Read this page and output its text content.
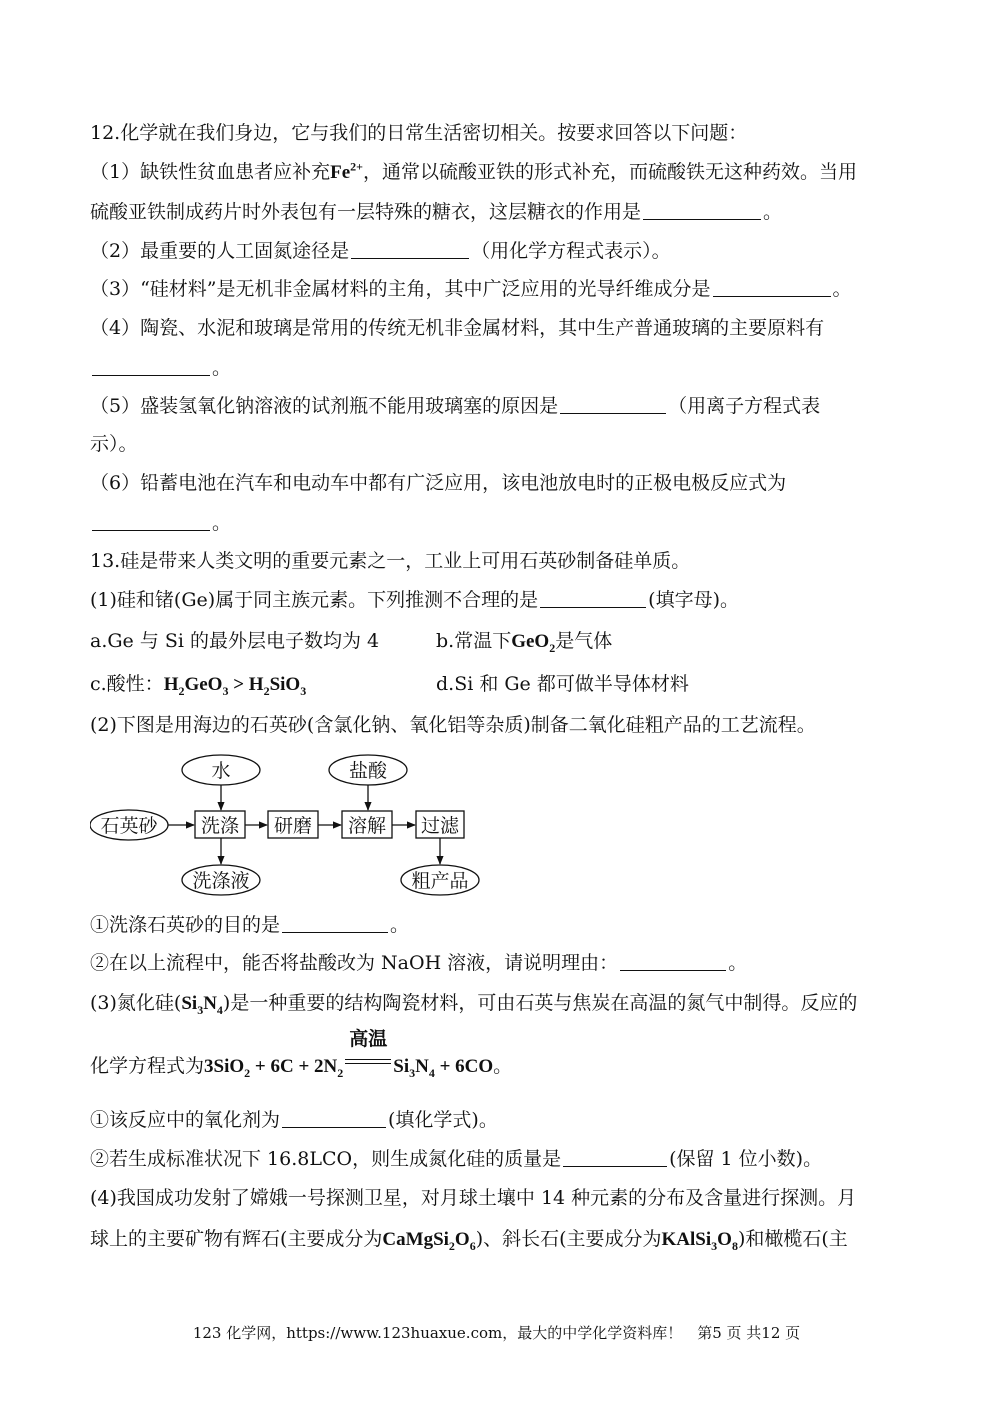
12.化学就在我们身边，它与我们的日常生活密切相关。按要求回答以下问题：
（1）缺铁性贫血患者应补充$Fe^{2+}$，通常以硫酸亚铁的形式补充，而硫酸铁无这种药效。当用
硫酸亚铁制成药片时外表包有一层特殊的糖衣，这层糖衣的作用是	。
（2）最重要的人工固氮途径是	（用化学方程式表示）。
（3）“硅材料”是无机非金属材料的主角，其中广泛应用的光导纤维成分是	。
（4）陶瓷、水泥和玻璃是常用的传统无机非金属材料，其中生产普通玻璃的主要原料有
。
（5）盛装氢氧化钠溶液的试剂瓶不能用玻璃塞的原因是	（用离子方程式表
示）。
（6）铅蓄电池在汽车和电动车中都有广泛应用，该电池放电时的正极电极反应式为
。
13.硅是带来人类文明的重要元素之一，工业上可用石英砂制备硅单质。
(1)硅和锗(Ge)属于同主族元素。下列推测不合理的是	(填字母)。
a.Ge 与 Si 的最外层电子数均为 4	b.常温下GeO$_2$是气体
c.酸性：$H_2GeO_3 > H_2SiO_3$	d.Si 和 Ge 都可做半导体材料
(2)下图是用海边的石英砂(含氯化钠、氧化铝等杂质)制备二氧化硅粗产品的工艺流程。
水	盐酸
石英砂 洗涤 研磨 溶解 过滤
洗涤液	粗产品
①洗涤石英砂的目的是	。
②在以上流程中，能否将盐酸改为 NaOH 溶液，请说明理由：	。
(3)氮化硅$(Si_3N_4)$是一种重要的结构陶瓷材料，可由石英与焦炭在高温的氮气中制得。反应的
化学方程式为$3SiO_2 + 6C + 2N_2$
高温
$Si_3N_4 + 6CO$。
①该反应中的氧化剂为	(填化学式)。
②若生成标准状况下 16.8LCO，则生成氮化硅的质量是	(保留 1 位小数)。
(4)我国成功发射了嫦娥一号探测卫星，对月球土壤中 14 种元素的分布及含量进行探测。月
球上的主要矿物有辉石(主要成分为$CaMgSi_2O_6$)、斜长石(主要成分为$KAlSi_3O_8$)和橄榄石(主
123 化学网，https://www.123huaxue.com，最大的中学化学资料库！　第5 页 共12 页
